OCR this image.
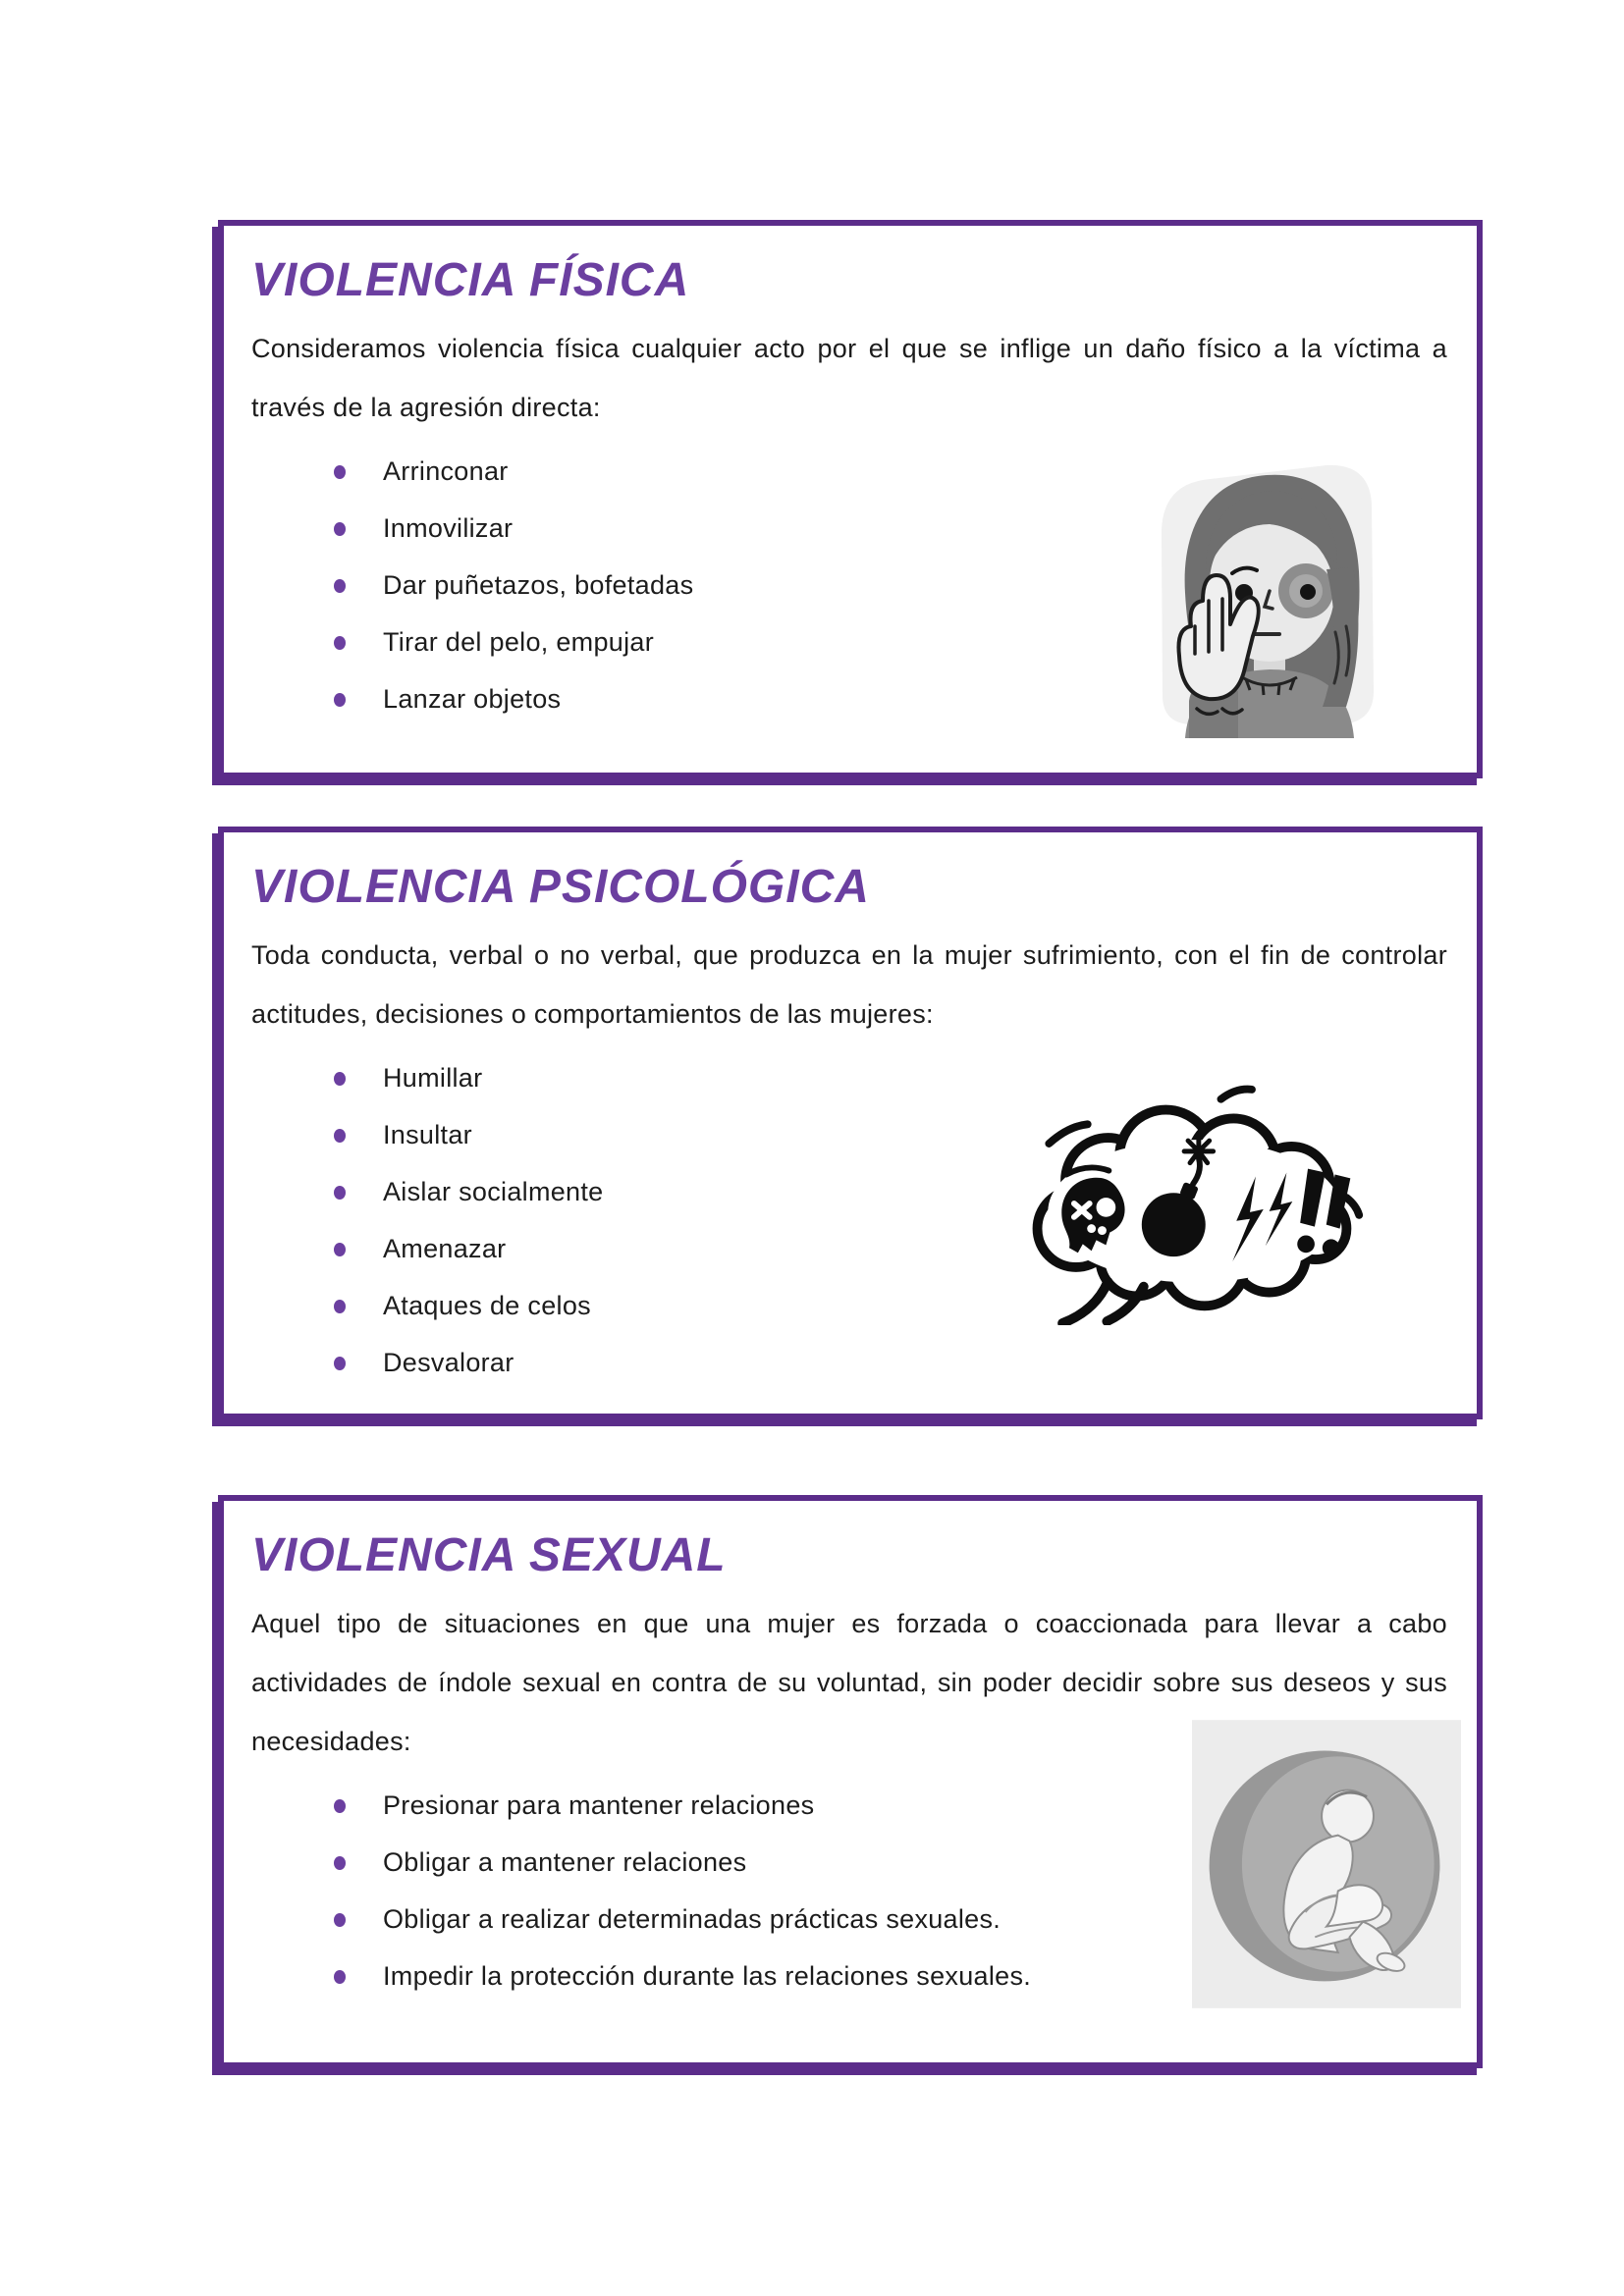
VIOLENCIA FÍSICA

Consideramos violencia física cualquier acto por el que se inflige un daño físico a la víctima a través de la agresión directa:

Arrinconar
Inmovilizar
Dar puñetazos, bofetadas
Tirar del pelo, empujar
Lanzar objetos
VIOLENCIA PSICOLÓGICA

Toda conducta, verbal o no verbal, que produzca en la mujer sufrimiento, con el fin de controlar actitudes, decisiones o comportamientos de las mujeres:

Humillar
Insultar
Aislar socialmente
Amenazar
Ataques de celos
Desvalorar
VIOLENCIA SEXUAL

Aquel tipo de situaciones en que una mujer es forzada o coaccionada para llevar a cabo actividades de índole sexual en contra de su voluntad, sin poder decidir sobre sus deseos y sus necesidades:

Presionar para mantener relaciones
Obligar a mantener relaciones
Obligar a realizar determinadas prácticas sexuales.
Impedir la protección durante las relaciones sexuales.
